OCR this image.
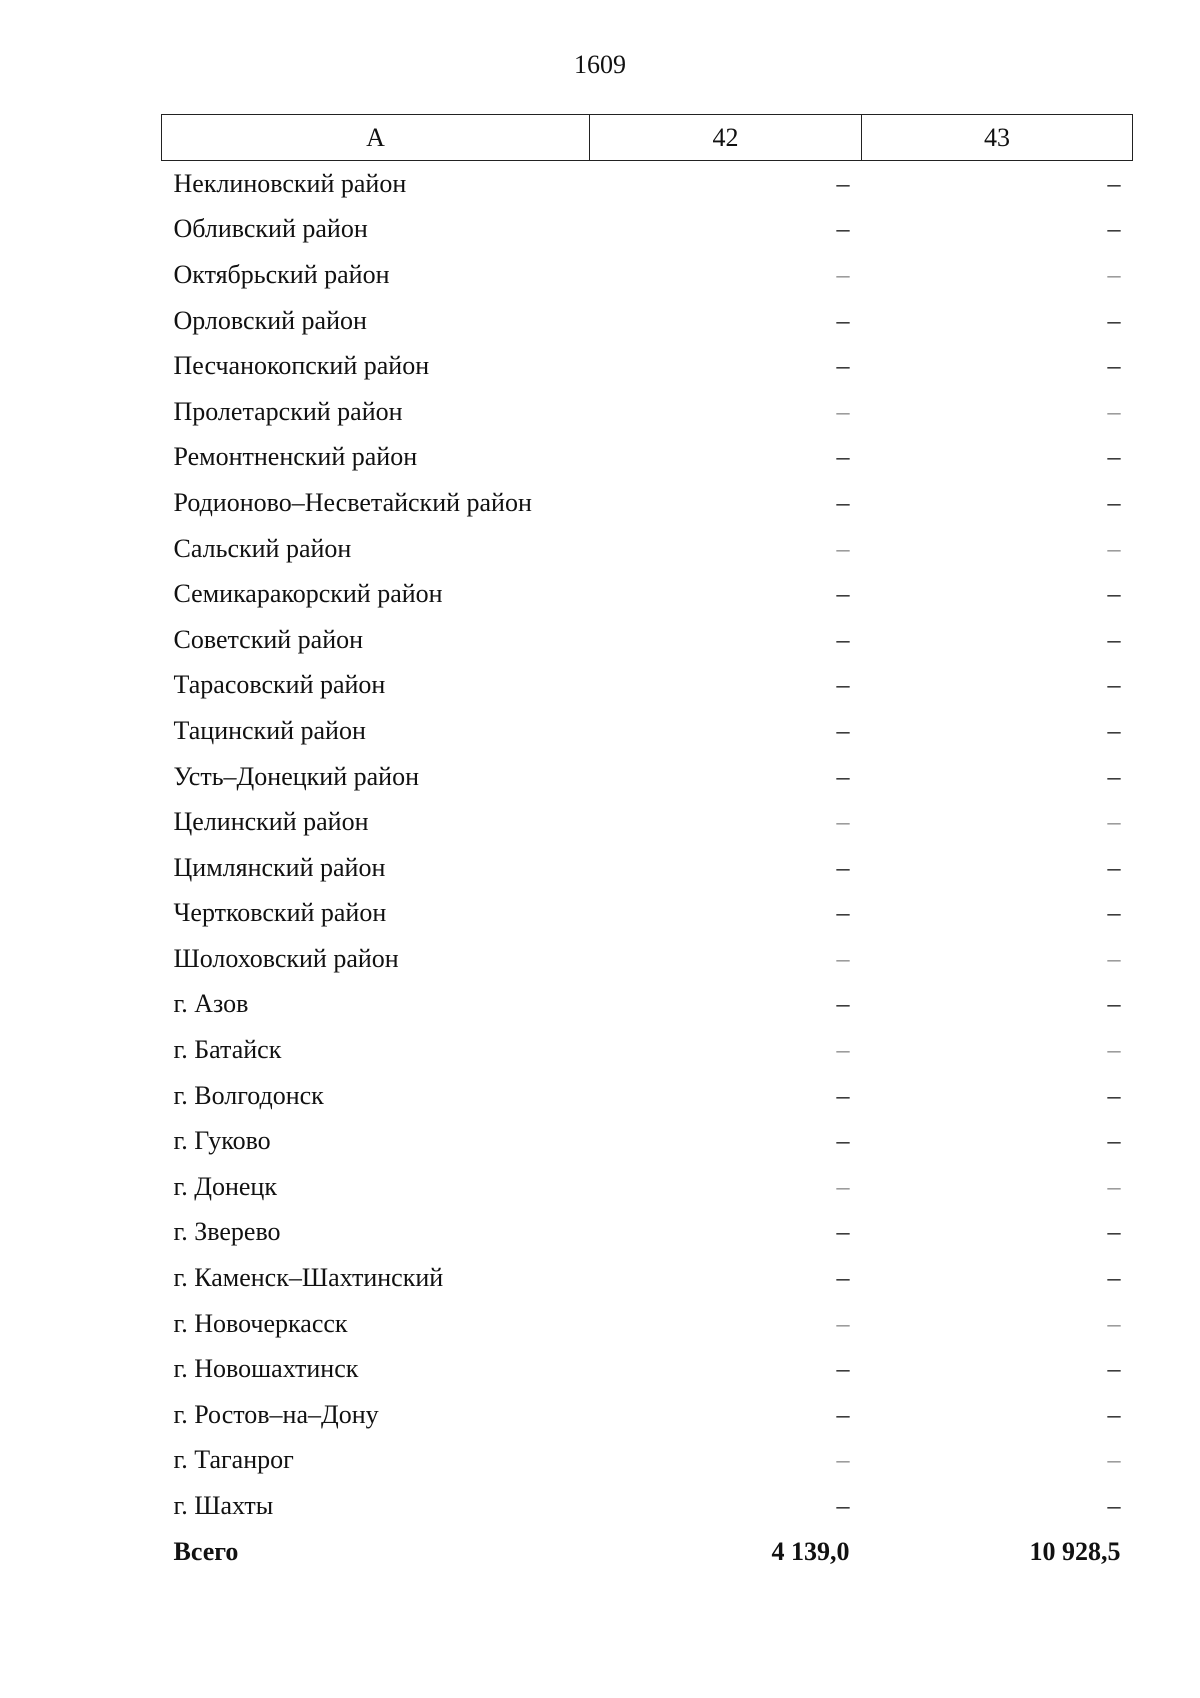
1609
А	42	43
Неклиновский район	–	–
Обливский район	–	–
Октябрьский район	–	–
Орловский район	–	–
Песчанокопский район	–	–
Пролетарский район	–	–
Ремонтненский район	–	–
Родионово–Несветайский район	–	–
Сальский район	–	–
Семикаракорский район	–	–
Советский район	–	–
Тарасовский район	–	–
Тацинский район	–	–
Усть–Донецкий район	–	–
Целинский район	–	–
Цимлянский район	–	–
Чертковский район	–	–
Шолоховский район	–	–
г. Азов	–	–
г. Батайск	–	–
г. Волгодонск	–	–
г. Гуково	–	–
г. Донецк	–	–
г. Зверево	–	–
г. Каменск–Шахтинский	–	–
г. Новочеркасск	–	–
г. Новошахтинск	–	–
г. Ростов–на–Дону	–	–
г. Таганрог	–	–
г. Шахты	–	–
Всего	4 139,0	10 928,5
